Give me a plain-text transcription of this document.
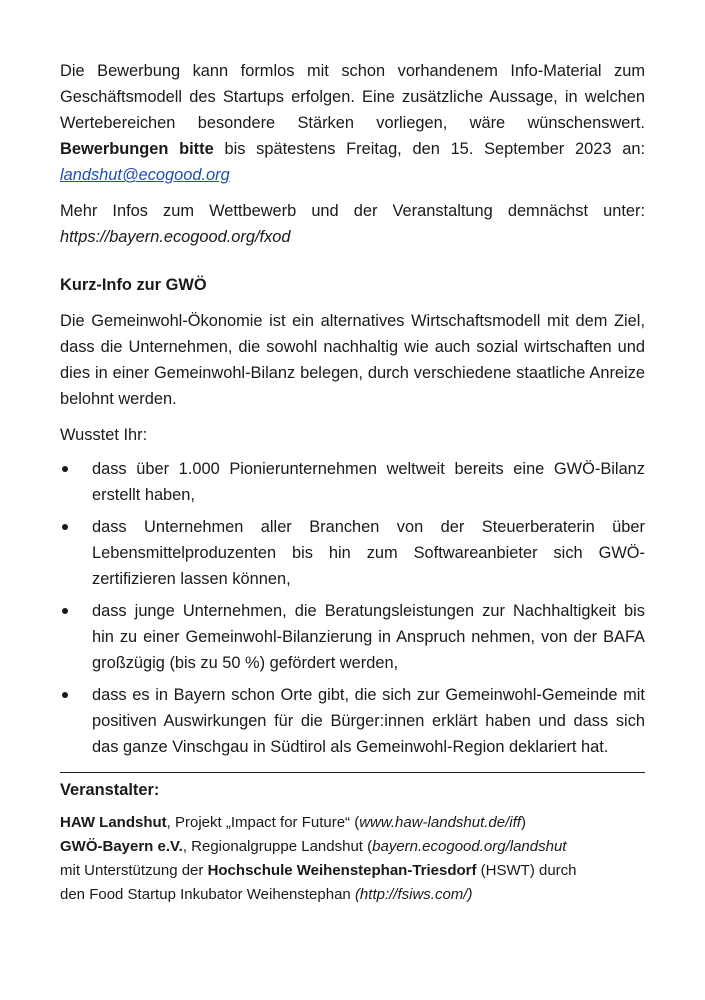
Die Bewerbung kann formlos mit schon vorhandenem Info-Material zum Geschäftsmodell des Startups erfolgen. Eine zusätzliche Aussage, in welchen Wertebereichen besondere Stärken vorliegen, wäre wünschenswert. Bewerbungen bitte bis spätestens Freitag, den 15. September 2023 an: landshut@ecogood.org

Mehr Infos zum Wettbewerb und der Veranstaltung demnächst unter: https://bayern.ecogood.org/fxod

Kurz-Info zur GWÖ

Die Gemeinwohl-Ökonomie ist ein alternatives Wirtschaftsmodell mit dem Ziel, dass die Unternehmen, die sowohl nachhaltig wie auch sozial wirtschaften und dies in einer Gemeinwohl-Bilanz belegen, durch verschiedene staatliche Anreize belohnt werden.

Wusstet Ihr:

dass über 1.000 Pionierunternehmen weltweit bereits eine GWÖ-Bilanz erstellt haben,
dass Unternehmen aller Branchen von der Steuerberaterin über Lebensmittelproduzenten bis hin zum Softwareanbieter sich GWÖ-zertifizieren lassen können,
dass junge Unternehmen, die Beratungsleistungen zur Nachhaltigkeit bis hin zu einer Gemeinwohl-Bilanzierung in Anspruch nehmen, von der BAFA großzügig (bis zu 50 %) gefördert werden,
dass es in Bayern schon Orte gibt, die sich zur Gemeinwohl-Gemeinde mit positiven Auswirkungen für die Bürger:innen erklärt haben und dass sich das ganze Vinschgau in Südtirol als Gemeinwohl-Region deklariert hat.

Veranstalter:

HAW Landshut, Projekt „Impact for Future“ (www.haw-landshut.de/iff)

GWÖ-Bayern e.V., Regionalgruppe Landshut (bayern.ecogood.org/landshut

mit Unterstützung der Hochschule Weihenstephan-Triesdorf (HSWT) durch

den Food Startup Inkubator Weihenstephan (http://fsiws.com/)
